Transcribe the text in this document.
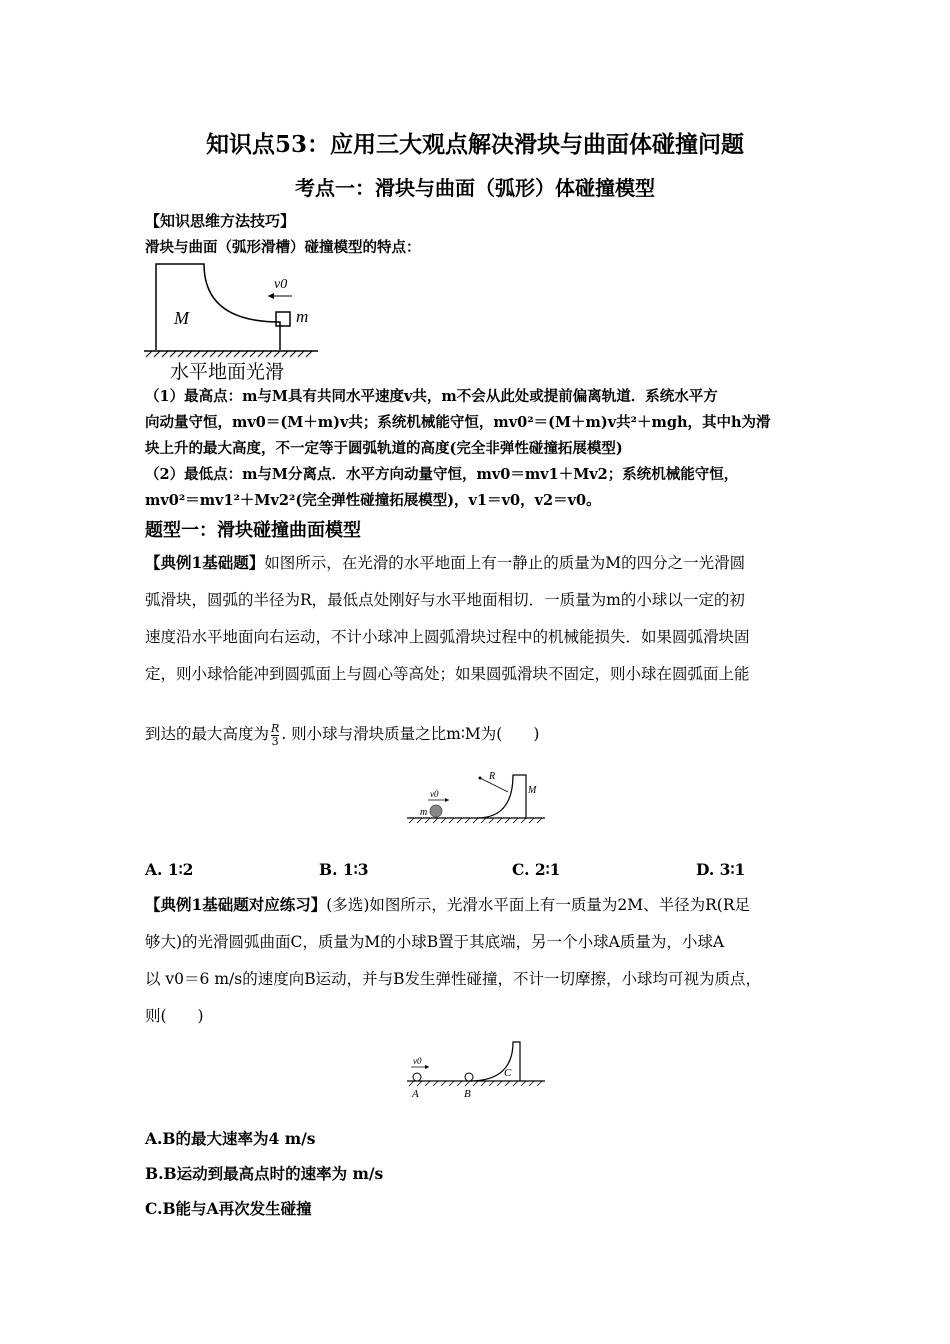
知识点53：应用三大观点解决滑块与曲面体碰撞问题
考点一：滑块与曲面（弧形）体碰撞模型
【知识思维方法技巧】
滑块与曲面（弧形滑槽）碰撞模型的特点：
v0
M	m
水平地面光滑
（1）最高点：m与M具有共同水平速度v共，m不会从此处或提前偏离轨道．系统水平方
向动量守恒，mv0＝(M＋m)v共；系统机械能守恒，mv0²＝(M＋m)v共²＋mgh，其中h为滑
块上升的最大高度，不一定等于圆弧轨道的高度(完全非弹性碰撞拓展模型)
（2）最低点：m与M分离点．水平方向动量守恒，mv0＝mv1＋Mv2；系统机械能守恒，
mv0²＝mv1²＋Mv2²(完全弹性碰撞拓展模型)，v1＝v0，v2＝v0。
题型一：滑块碰撞曲面模型
【典例1基础题】如图所示，在光滑的水平地面上有一静止的质量为M的四分之一光滑圆
弧滑块，圆弧的半径为R，最低点处刚好与水平地面相切．一质量为m的小球以一定的初
速度沿水平地面向右运动，不计小球冲上圆弧滑块过程中的机械能损失．如果圆弧滑块固
定，则小球恰能冲到圆弧面上与圆心等高处；如果圆弧滑块不固定，则小球在圆弧面上能
到达的最大高度为 $\frac{R}{3}$ . 则小球与滑块质量之比m∶M为(　　)
R
M
m
v0
A. 1∶2	B. 1∶3	C. 2∶1	D. 3∶1
【典例1基础题对应练习】(多选)如图所示，光滑水平面上有一质量为2M、半径为R(R足
够大)的光滑圆弧曲面C，质量为M的小球B置于其底端，另一个小球A质量为，小球A
以 v0＝6 m/s的速度向B运动，并与B发生弹性碰撞，不计一切摩擦，小球均可视为质点，
则(　　)
v0
A	B
C
A.B的最大速率为4 m/s
B.B运动到最高点时的速率为 m/s
C.B能与A再次发生碰撞
